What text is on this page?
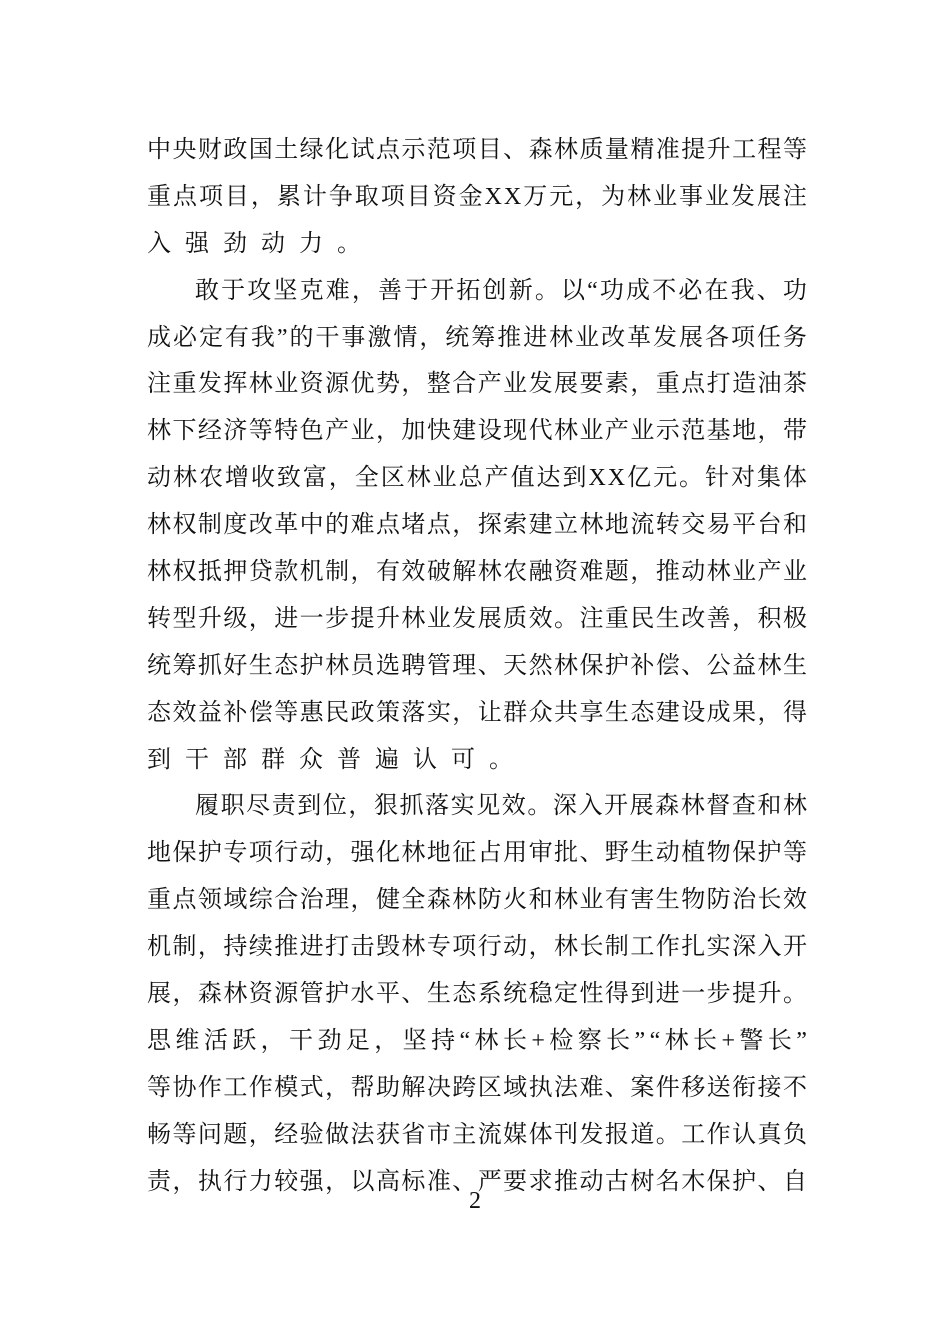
中 央 财 政 国 土 绿 化 试 点 示 范 项 目 、 森 林 质 量 精 准 提 升 工 程 等
重 点 项 目 ， 累 计 争 取 项 目 资 金 X X 万 元 ， 为 林 业 事 业 发 展 注
入强劲动力。
敢 于 攻 坚 克 难 ， 善 于 开 拓 创 新 。 以 “ 功 成 不 必 在 我 、 功
成 必 定 有 我 ” 的 干 事 激 情 ， 统 筹 推 进 林 业 改 革 发 展 各 项 任 务
注 重 发 挥 林 业 资 源 优 势 ， 整 合 产 业 发 展 要 素 ， 重 点 打 造 油 茶
林 下 经 济 等 特 色 产 业 ， 加 快 建 设 现 代 林 业 产 业 示 范 基 地 ， 带
动 林 农 增 收 致 富 ， 全 区 林 业 总 产 值 达 到 X X 亿 元 。 针 对 集 体
林 权 制 度 改 革 中 的 难 点 堵 点 ， 探 索 建 立 林 地 流 转 交 易 平 台 和
林 权 抵 押 贷 款 机 制 ， 有 效 破 解 林 农 融 资 难 题 ， 推 动 林 业 产 业
转 型 升 级 ， 进 一 步 提 升 林 业 发 展 质 效 。 注 重 民 生 改 善 ， 积 极
统 筹 抓 好 生 态 护 林 员 选 聘 管 理 、 天 然 林 保 护 补 偿 、 公 益 林 生
态 效 益 补 偿 等 惠 民 政 策 落 实 ， 让 群 众 共 享 生 态 建 设 成 果 ， 得
到干部群众普遍认可。
履 职 尽 责 到 位 ， 狠 抓 落 实 见 效 。 深 入 开 展 森 林 督 查 和 林
地 保 护 专 项 行 动 ， 强 化 林 地 征 占 用 审 批 、 野 生 动 植 物 保 护 等
重 点 领 域 综 合 治 理 ， 健 全 森 林 防 火 和 林 业 有 害 生 物 防 治 长 效
机 制 ， 持 续 推 进 打 击 毁 林 专 项 行 动 ， 林 长 制 工 作 扎 实 深 入 开
展 ， 森 林 资 源 管 护 水 平 、 生 态 系 统 稳 定 性 得 到 进 一 步 提 升 。
思 维 活 跃 ， 干 劲 足 ， 坚 持 “ 林 长 + 检 察 长 ” “ 林 长 + 警 长 ”
等 协 作 工 作 模 式 ， 帮 助 解 决 跨 区 域 执 法 难 、 案 件 移 送 衔 接 不
畅 等 问 题 ， 经 验 做 法 获 省 市 主 流 媒 体 刊 发 报 道 。 工 作 认 真 负
责 ， 执 行 力 较 强 ， 以 高 标 准 、 严 要 求 推 动 古 树 名 木 保 护 、 自
2
